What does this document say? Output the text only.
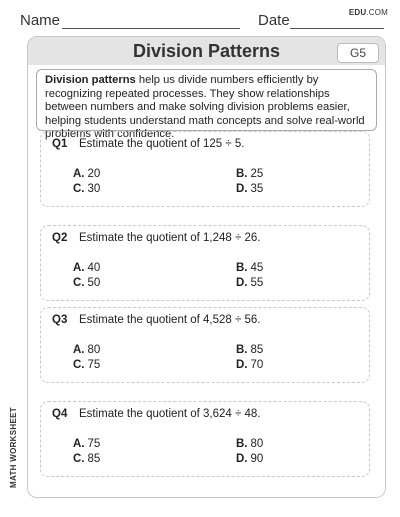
Name	Date	EDU.COM
Division Patterns	G5
Division patterns help us divide numbers efficiently by recognizing repeated processes. They show relationships between numbers and make solving division problems easier, helping students understand math concepts and solve real-world problems with confidence.
Q1 Estimate the quotient of 125 ÷ 5.
A. 20	B. 25
C. 30	D. 35
Q2 Estimate the quotient of 1,248 ÷ 26.
A. 40	B. 45
C. 50	D. 55
Q3 Estimate the quotient of 4,528 ÷ 56.
A. 80	B. 85
C. 75	D. 70
Q4 Estimate the quotient of 3,624 ÷ 48.
A. 75	B. 80
C. 85	D. 90
MATH WORKSHEET
